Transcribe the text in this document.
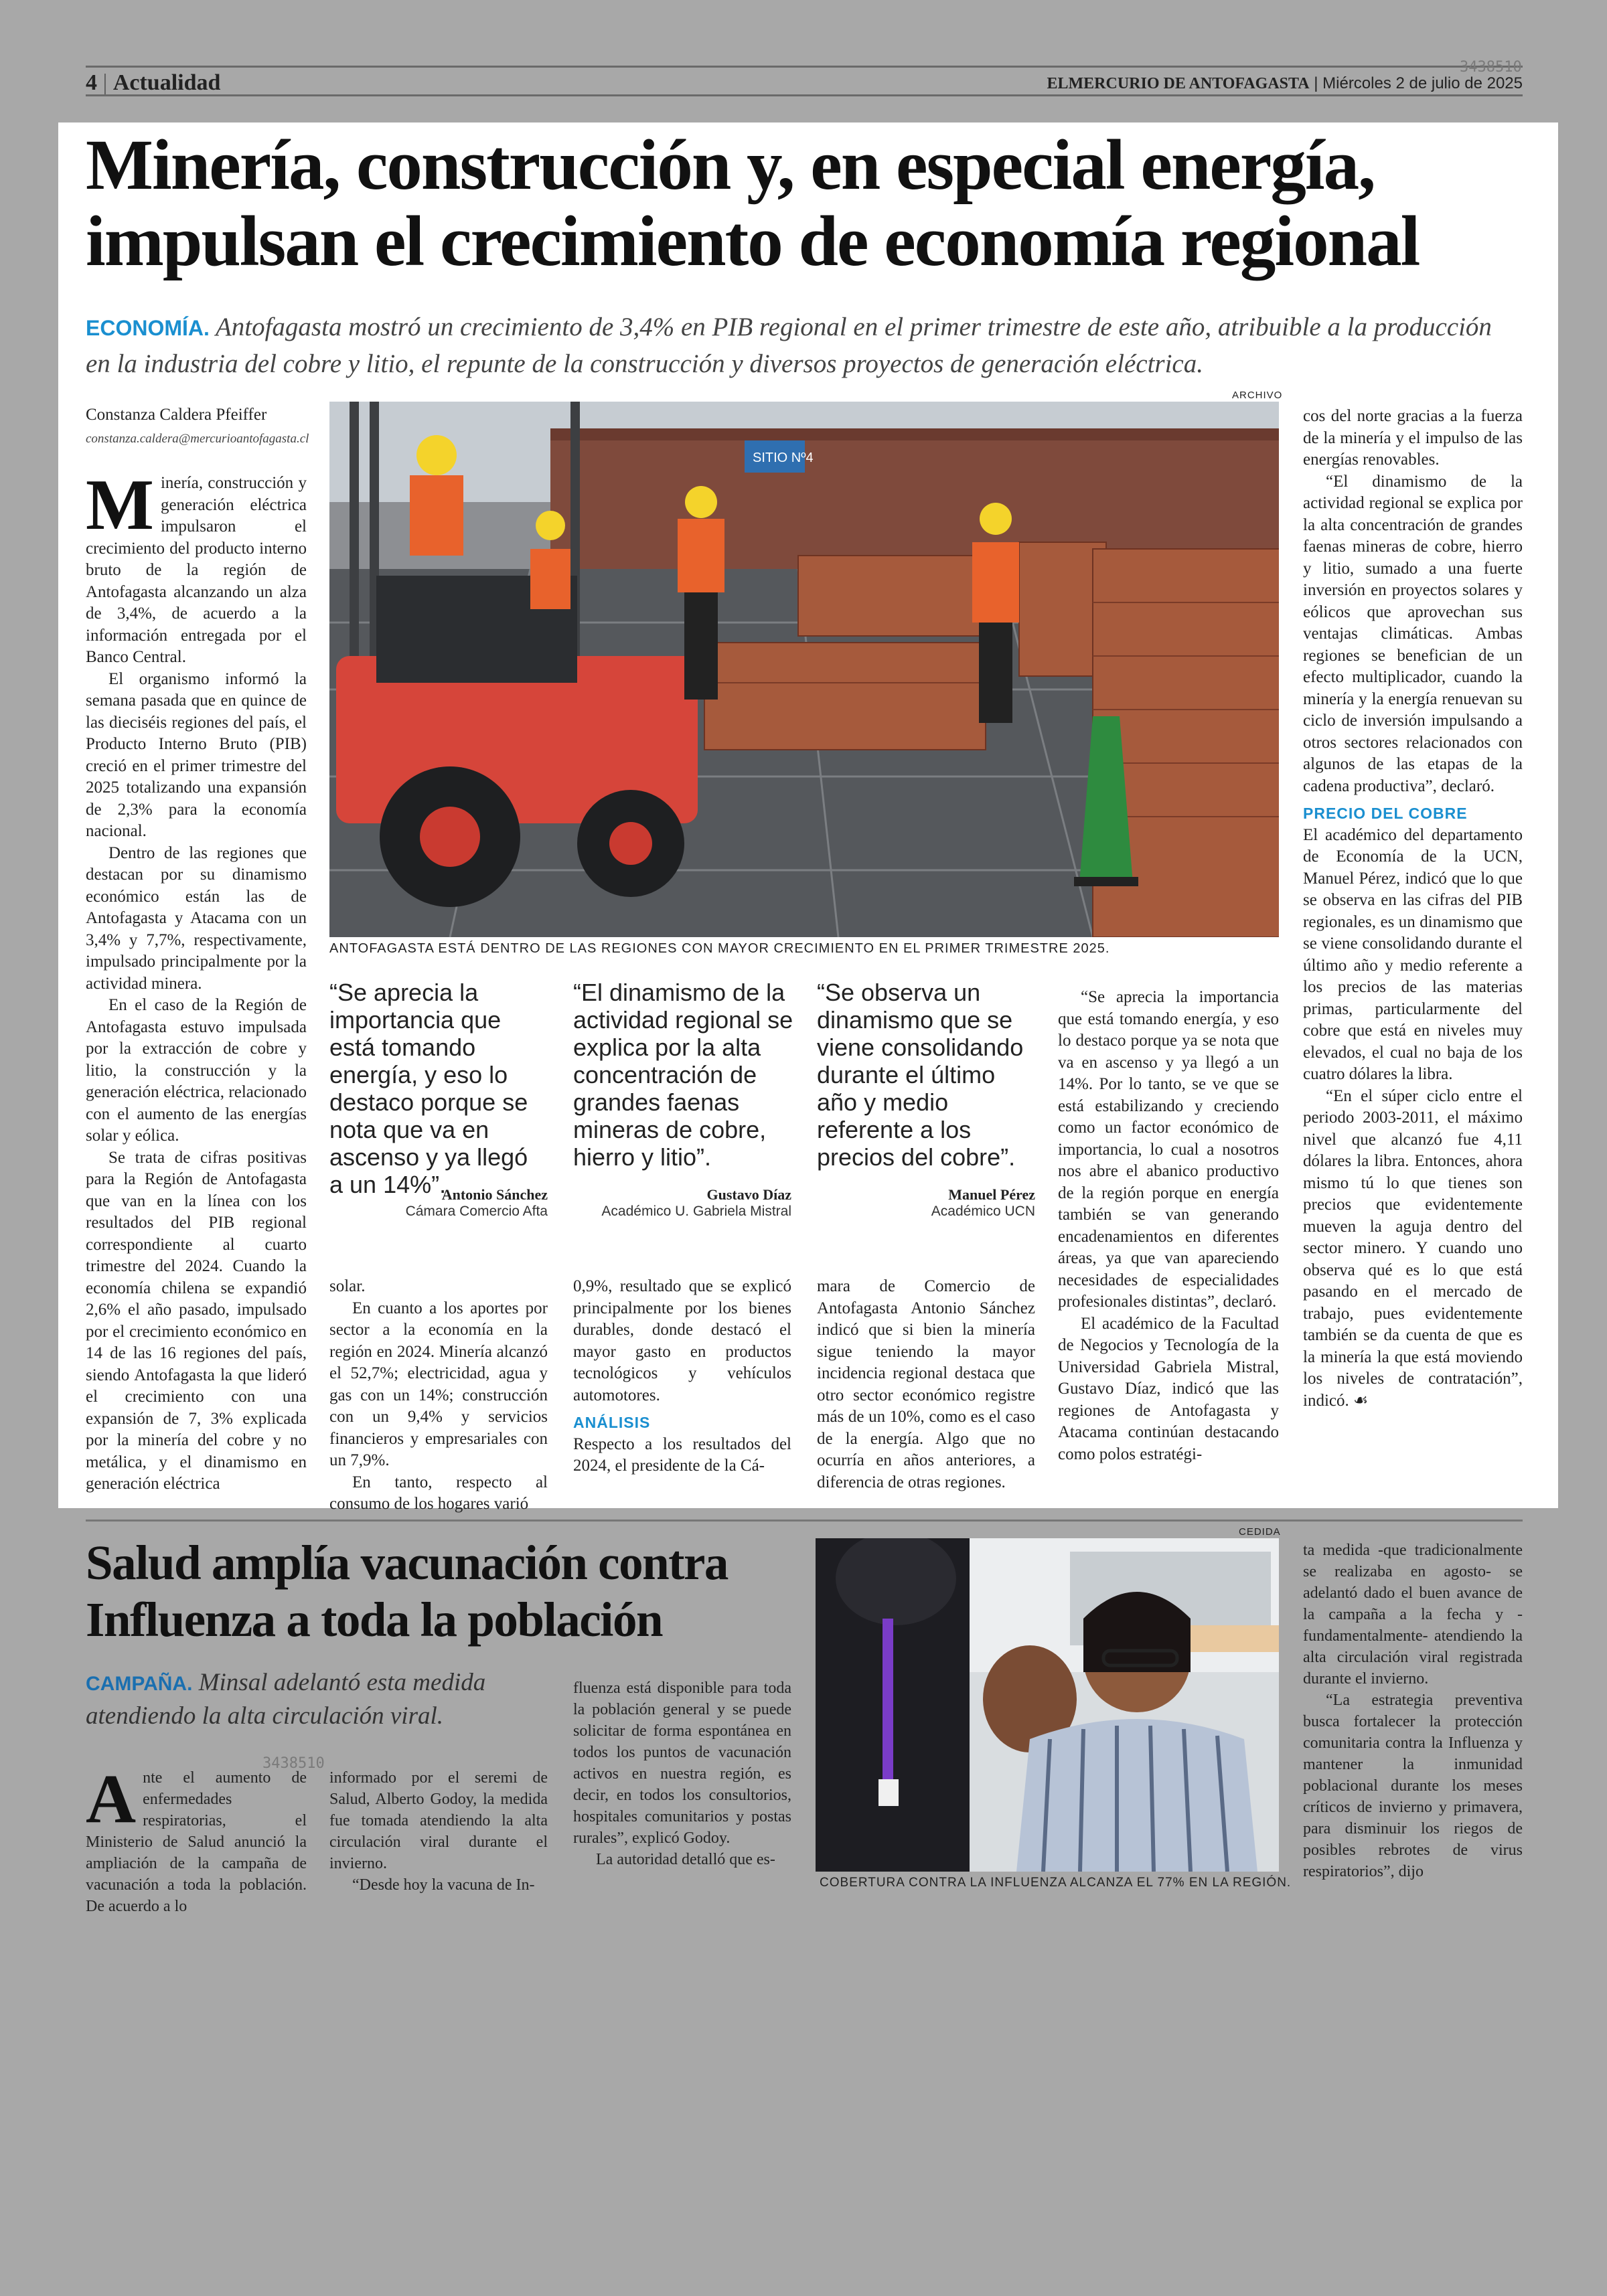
4 | Actualidad	ELMERCURIO DE ANTOFAGASTA | Miércoles 2 de julio de 2025
3438510
Minería, construcción y, en especial energía, impulsan el crecimiento de economía regional
ECONOMÍA. Antofagasta mostró un crecimiento de 3,4% en PIB regional en el primer trimestre de este año, atribuible a la producción en la industria del cobre y litio, el repunte de la construcción y diversos proyectos de generación eléctrica.
Constanza Caldera Pfeiffer
constanza.caldera@mercurioantofagasta.cl

Minería, construcción y generación eléctrica impulsaron el crecimiento del producto interno bruto de la región de Antofagasta alcanzando un alza de 3,4%, de acuerdo a la información entregada por el Banco Central.

El organismo informó la semana pasada que en quince de las dieciséis regiones del país, el Producto Interno Bruto (PIB) creció en el primer trimestre del 2025 totalizando una expansión de 2,3% para la economía nacional.

Dentro de las regiones que destacan por su dinamismo económico están las de Antofagasta y Atacama con un 3,4% y 7,7%, respectivamente, impulsado principalmente por la actividad minera.

En el caso de la Región de Antofagasta estuvo impulsada por la extracción de cobre y litio, la construcción y la generación eléctrica, relacionado con el aumento de las energías solar y eólica.

Se trata de cifras positivas para la Región de Antofagasta que van en la línea con los resultados del PIB regional correspondiente al cuarto trimestre del 2024. Cuando la economía chilena se expandió 2,6% el año pasado, impulsado por el crecimiento económico en 14 de las 16 regiones del país, siendo Antofagasta la que lideró el crecimiento con una expansión de 7, 3% explicada por la minería del cobre y no metálica, y el dinamismo en generación eléctrica

ARCHIVO
SITIO Nº4
ANTOFAGASTA ESTÁ DENTRO DE LAS REGIONES CON MAYOR CRECIMIENTO EN EL PRIMER TRIMESTRE 2025.
“Se aprecia la importancia que está tomando energía, y eso lo destaco porque se nota que va en ascenso y ya llegó a un 14%”.
Antonio Sánchez
Cámara Comercio Afta
“El dinamismo de la actividad regional se explica por la alta concentración de grandes faenas mineras de cobre, hierro y litio”.
Gustavo Díaz
Académico U. Gabriela Mistral
“Se observa un dinamismo que se viene consolidando durante el último año y medio referente a los precios del cobre”.
Manuel Pérez
Académico UCN

solar.

En cuanto a los aportes por sector a la economía en la región en 2024. Minería alcanzó el 52,7%; electricidad, agua y gas con un 14%; construcción con un 9,4% y servicios financieros y empresariales con un 7,9%.

En tanto, respecto al consumo de los hogares varió

0,9%, resultado que se explicó principalmente por los bienes durables, donde destacó el mayor gasto en productos tecnológicos y vehículos automotores.

ANÁLISIS

Respecto a los resultados del 2024, el presidente de la Cá-

mara de Comercio de Antofagasta Antonio Sánchez indicó que si bien la minería sigue teniendo la mayor incidencia regional destaca que otro sector económico registre más de un 10%, como es el caso de la energía. Algo que no ocurría en años anteriores, a diferencia de otras regiones.

“Se aprecia la importancia que está tomando energía, y eso lo destaco porque ya se nota que va en ascenso y ya llegó a un 14%. Por lo tanto, se ve que se está estabilizando y creciendo como un factor económico de importancia, lo cual a nosotros nos abre el abanico productivo de la región porque en energía también se van generando encadenamientos en diferentes áreas, ya que van apareciendo necesidades de especialidades profesionales distintas”, declaró.

El académico de la Facultad de Negocios y Tecnología de la Universidad Gabriela Mistral, Gustavo Díaz, indicó que las regiones de Antofagasta y Atacama continúan destacando como polos estratégi-

cos del norte gracias a la fuerza de la minería y el impulso de las energías renovables.

“El dinamismo de la actividad regional se explica por la alta concentración de grandes faenas mineras de cobre, hierro y litio, sumado a una fuerte inversión en proyectos solares y eólicos que aprovechan sus ventajas climáticas. Ambas regiones se benefician de un efecto multiplicador, cuando la minería y la energía renuevan su ciclo de inversión impulsando a otros sectores relacionados con algunos de las etapas de la cadena productiva”, declaró.

PRECIO DEL COBRE

El académico del departamento de Economía de la UCN, Manuel Pérez, indicó que lo que se observa en las cifras del PIB regionales, es un dinamismo que se viene consolidando durante el último año y medio referente a los precios de las materias primas, particularmente del cobre que está en niveles muy elevados, el cual no baja de los cuatro dólares la libra.

“En el súper ciclo entre el periodo 2003-2011, el máximo nivel que alcanzó fue 4,11 dólares la libra. Entonces, ahora mismo tú lo que tienes son precios que evidentemente mueven la aguja dentro del sector minero. Y cuando uno observa qué es lo que está pasando en el mercado de trabajo, pues evidentemente también se da cuenta de que es la minería la que está moviendo los niveles de contratación”, indicó. ☙

Salud amplía vacunación contra Influenza a toda la población
CAMPAÑA. Minsal adelantó esta medida atendiendo la alta circulación viral.
3438510

Ante el aumento de enfermedades respiratorias, el Ministerio de Salud anunció la ampliación de la campaña de vacunación a toda la población. De acuerdo a lo

informado por el seremi de Salud, Alberto Godoy, la medida fue tomada atendiendo la alta circulación viral durante el invierno.

“Desde hoy la vacuna de In-

fluenza está disponible para toda la población general y se puede solicitar de forma espontánea en todos los puntos de vacunación activos en nuestra región, es decir, en todos los consultorios, hospitales comunitarios y postas rurales”, explicó Godoy.

La autoridad detalló que es-

CEDIDA
COBERTURA CONTRA LA INFLUENZA ALCANZA EL 77% EN LA REGIÓN.

ta medida -que tradicionalmente se realizaba en agosto- se adelantó dado el buen avance de la campaña a la fecha y -fundamentalmente- atendiendo la alta circulación viral registrada durante el invierno.

“La estrategia preventiva busca fortalecer la protección comunitaria contra la Influenza y mantener la inmunidad poblacional durante los meses críticos de invierno y primavera, para disminuir los riegos de posibles rebrotes de virus respiratorios”, dijo
